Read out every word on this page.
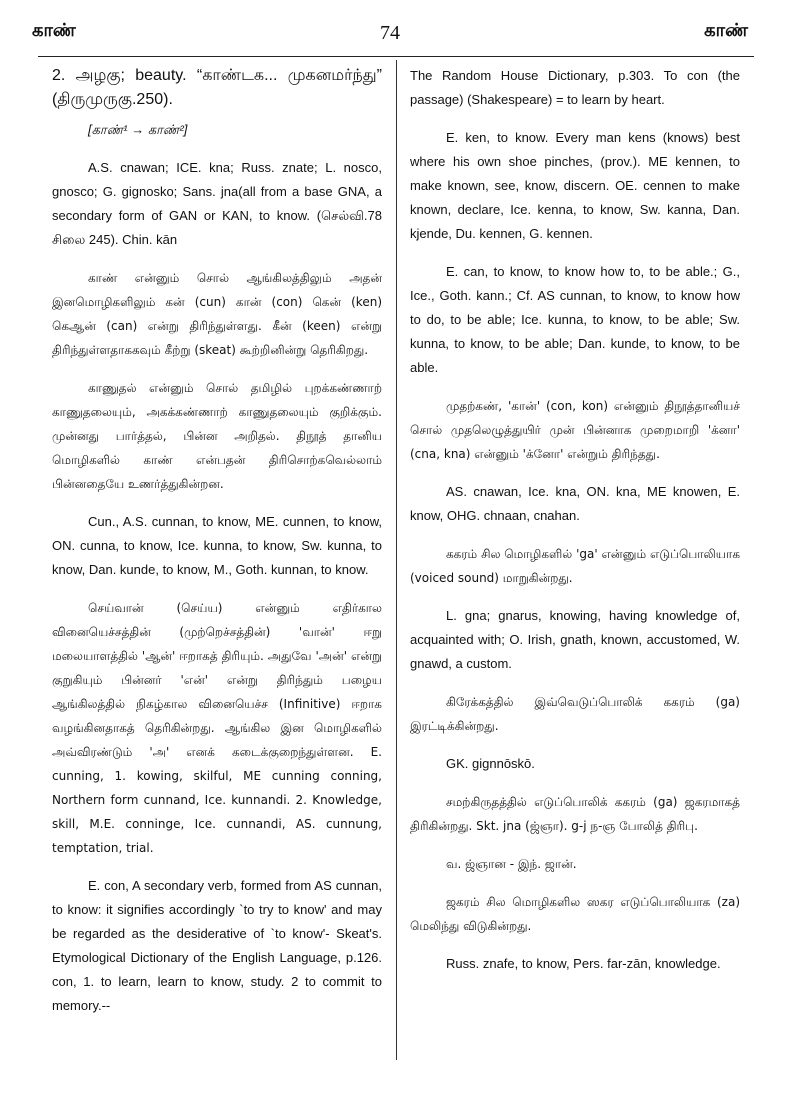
காண்	74	காண்

2. அழகு; beauty. “காண்டக... முகனமர்ந்து” (திருமுருகு.250).

[காண்¹ → காண்²]

A.S. cnawan; ICE. kna; Russ. znate; L. nosco, gnosco; G. gignosko; Sans. jna(all from a base GNA, a secondary form of GAN or KAN, to know. (செல்வி.78 சிலை 245). Chin. kān

காண் என்னும் சொல் ஆங்கிலத்திலும் அதன் இனமொழிகளிலும் கன் (cun) கான் (con) கென் (ken) கெஆன் (can) என்று திரிந்துள்ளது. கீன் (keen) என்று திரிந்துள்ளதாககவும் கீற்று (skeat) கூற்றினின்று தெரிகிறது.

காணுதல் என்னும் சொல் தமிழில் புறக்கண்ணாற் காணுதலையும், அகக்கண்ணாற் காணுதலையும் குறிக்கும். முன்னது பார்த்தல், பின்ன அறிதல். திநூத் தானிய மொழிகளில் காண் என்பதன் திரிசொற்கவெல்லாம் பின்னதையே உணர்த்துகின்றன.

Cun., A.S. cunnan, to know, ME. cunnen, to know, ON. cunna, to know, Ice. kunna, to know, Sw. kunna, to know, Dan. kunde, to know, M., Goth. kunnan, to know.

செய்வான் (செய்ய) என்னும் எதிர்கால வினையெச்சத்தின் (முற்றெச்சத்தின்) 'வான்' ஈறு மலையாளத்தில் 'ஆன்' ஈறாகத் திரியும். அதுவே 'அன்' என்று குறுகியும் பின்னர் 'என்' என்று திரிந்தும் பழைய ஆங்கிலத்தில் நிகழ்கால வினையெச்ச (Infinitive) ஈறாக வழங்கினதாகத் தெரிகின்றது. ஆங்கில இன மொழிகளில் அவ்விரண்டும் 'அ' எனக் கடைக்குறைந்துள்ளன. E. cunning, 1. kowing, skilful, ME cunning conning, Northern form cunnand, Ice. kunnandi. 2. Knowledge, skill, M.E. conninge, Ice. cunnandi, AS. cunnung, temptation, trial.

E. con, A secondary verb, formed from AS cunnan, to know: it signifies accordingly `to try to know' and may be regarded as the desiderative of `to know'- Skeat's. Etymological Dictionary of the English Language, p.126. con, 1. to learn, learn to know, study. 2 to commit to memory.--

The Random House Dictionary, p.303. To con (the passage) (Shakespeare) = to learn by heart.

E. ken, to know. Every man kens (knows) best where his own shoe pinches, (prov.). ME kennen, to make known, see, know, discern. OE. cennen to make known, declare, Ice. kenna, to know, Sw. kanna, Dan. kjende, Du. kennen, G. kennen.

E. can, to know, to know how to, to be able.; G., Ice., Goth. kann.; Cf. AS cunnan, to know, to know how to do, to be able; Ice. kunna, to know, to be able; Sw. kunna, to know, to be able; Dan. kunde, to know, to be able.

முதற்கண், 'கான்' (con, kon) என்னும் திநூத்தானியச் சொல் முதலெழுத்துயிர் முன் பின்னாக முறைமாறி 'க்னா' (cna, kna) என்னும் 'க்னோ' என்றும் திரிந்தது.

AS. cnawan, Ice. kna, ON. kna, ME knowen, E. know, OHG. chnaan, cnahan.

ககரம் சில மொழிகளில் 'ga' என்னும் எடுப்பொலியாக (voiced sound) மாறுகின்றது.

L. gna; gnarus, knowing, having knowledge of, acquainted with; O. Irish, gnath, known, accustomed, W. gnawd, a custom.

கிரேக்கத்தில் இவ்வெடுப்பொலிக் ககரம் (ga) இரட்டிக்கின்றது.

GK. gignnōskō.

சமற்கிருதத்தில் எடுப்பொலிக் ககரம் (ga) ஜகரமாகத் திரிகின்றது. Skt. jna (ஜ்ஞா). g-j ந-ஞ போலித் திரிபு.

வ. ஜ்ஞான - இந். ஜான்.

ஜகரம் சில மொழிகளில ஸகர எடுப்பொலியாக (za) மெலிந்து விடுகின்றது.

Russ. znafe, to know, Pers. far-zān, knowledge.
